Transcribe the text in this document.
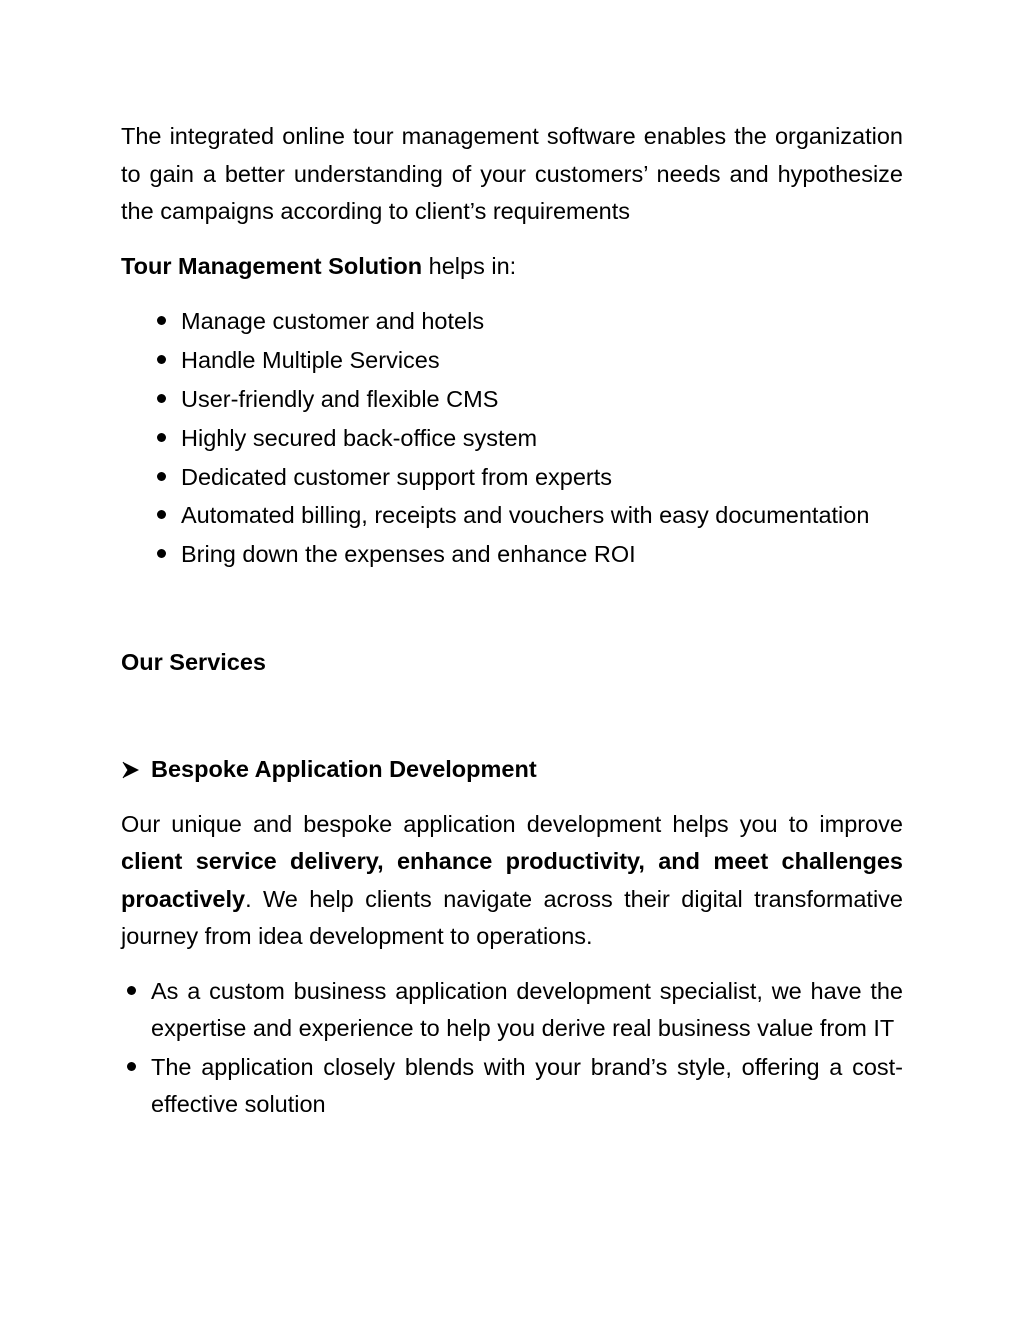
The integrated online tour management software enables the organization to gain a better understanding of your customers’ needs and hypothesize the campaigns according to client’s requirements

Tour Management Solution helps in:

Manage customer and hotels
Handle Multiple Services
User-friendly and flexible CMS
Highly secured back-office system
Dedicated customer support from experts
Automated billing, receipts and vouchers with easy documentation
Bring down the expenses and enhance ROI

Our Services

Bespoke Application Development

Our unique and bespoke application development helps you to improve client service delivery, enhance productivity, and meet challenges proactively. We help clients navigate across their digital transformative journey from idea development to operations.

As a custom business application development specialist, we have the expertise and experience to help you derive real business value from IT
The application closely blends with your brand’s style, offering a cost-effective solution
